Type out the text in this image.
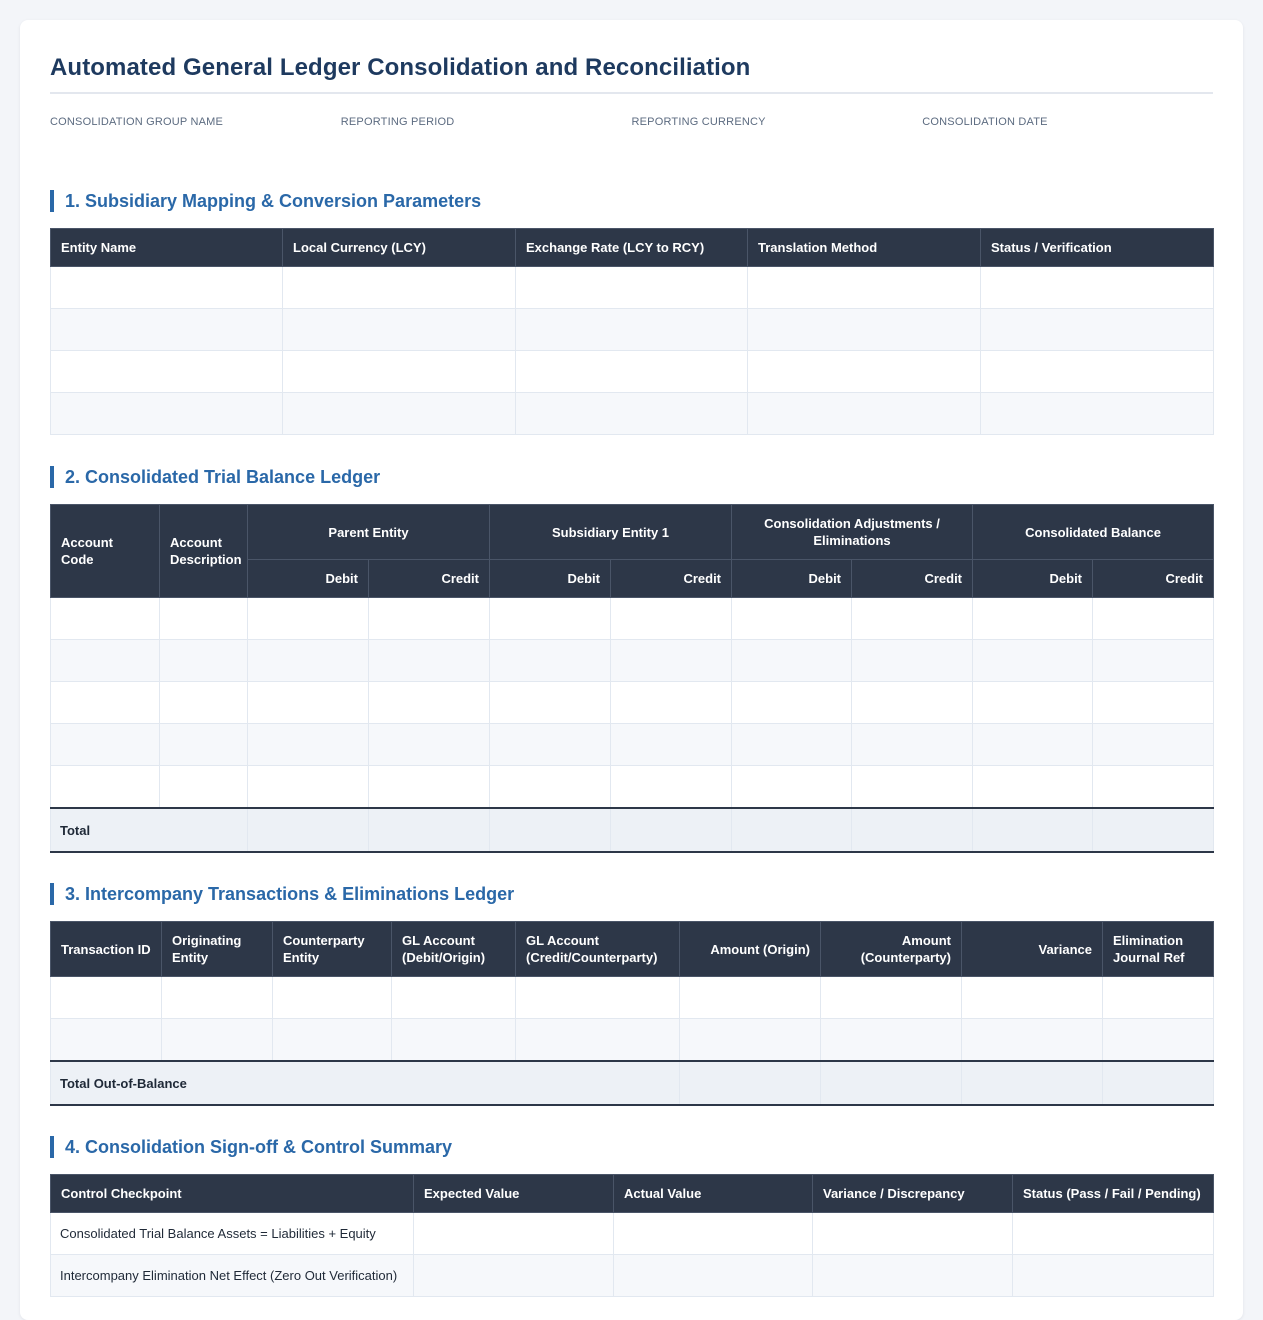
Automated General Ledger Consolidation and Reconciliation
CONSOLIDATION GROUP NAME	REPORTING PERIOD	REPORTING CURRENCY	CONSOLIDATION DATE
1. Subsidiary Mapping & Conversion Parameters
Entity Name	Local Currency (LCY)	Exchange Rate (LCY to RCY)	Translation Method	Status / Verification

2. Consolidated Trial Balance Ledger
Account Code	Account Description	Parent Entity		Subsidiary Entity 1		Consolidation Adjustments / Eliminations		Consolidated Balance	
		Debit	Credit	Debit	Credit	Debit	Credit	Debit	Credit

Total									
3. Intercompany Transactions & Eliminations Ledger
Transaction ID	Originating Entity	Counterparty Entity	GL Account (Debit/Origin)	GL Account (Credit/Counterparty)	Amount (Origin)	Amount (Counterparty)	Variance	Elimination Journal Ref

Total Out-of-Balance								
4. Consolidation Sign-off & Control Summary
Control Checkpoint	Expected Value	Actual Value	Variance / Discrepancy	Status (Pass / Fail / Pending)
Consolidated Trial Balance Assets = Liabilities + Equity				
Intercompany Elimination Net Effect (Zero Out Verification)				
